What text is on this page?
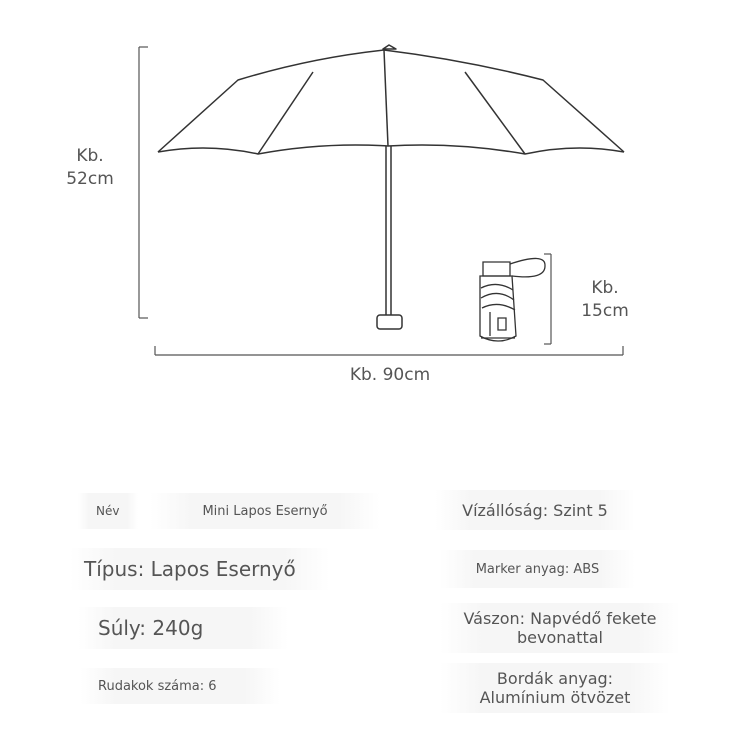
Kb.
52cm
Kb. 90cm
Kb.
15cm
Név	Mini Lapos Esernyő
Típus: Lapos Esernyő
Súly: 240g
Rudakok száma: 6
Vízállóság: Szint 5
Marker anyag: ABS
Vászon: Napvédő fekete
bevonattal
Bordák anyag:
Alumínium ötvözet
